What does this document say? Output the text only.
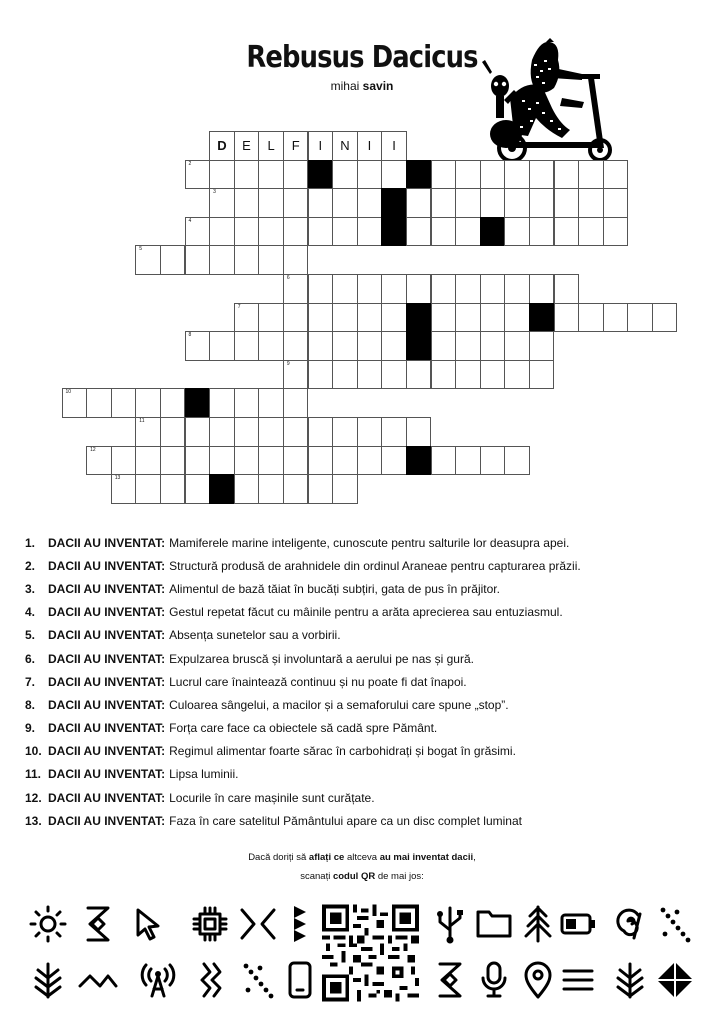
Rebusus Dacicus
mihai savin
D	E	L	F	I	N	I	I
2
3
4
5
6
7
8
9
10
11
12
13
1.	DACII AU INVENTAT: Mamiferele marine inteligente, cunoscute pentru salturile lor deasupra apei.
2.	DACII AU INVENTAT: Structură produsă de arahnidele din ordinul Araneae pentru capturarea prăzii.
3.	DACII AU INVENTAT: Alimentul de bază tăiat în bucăți subțiri, gata de pus în prăjitor.
4.	DACII AU INVENTAT: Gestul repetat făcut cu mâinile pentru a arăta aprecierea sau entuziasmul.
5.	DACII AU INVENTAT: Absența sunetelor sau a vorbirii.
6.	DACII AU INVENTAT: Expulzarea bruscă și involuntară a aerului pe nas și gură.
7.	DACII AU INVENTAT: Lucrul care înaintează continuu și nu poate fi dat înapoi.
8.	DACII AU INVENTAT: Culoarea sângelui, a macilor și a semaforului care spune „stop”.
9.	DACII AU INVENTAT: Forța care face ca obiectele să cadă spre Pământ.
10. DACII AU INVENTAT: Regimul alimentar foarte sărac în carbohidrați și bogat în grăsimi.
11. DACII AU INVENTAT: Lipsa luminii.
12. DACII AU INVENTAT: Locurile în care mașinile sunt curățate.
13. DACII AU INVENTAT: Faza în care satelitul Pământului apare ca un disc complet luminat
Dacă doriți să aflați ce altceva au mai inventat dacii,
scanați codul QR de mai jos:
